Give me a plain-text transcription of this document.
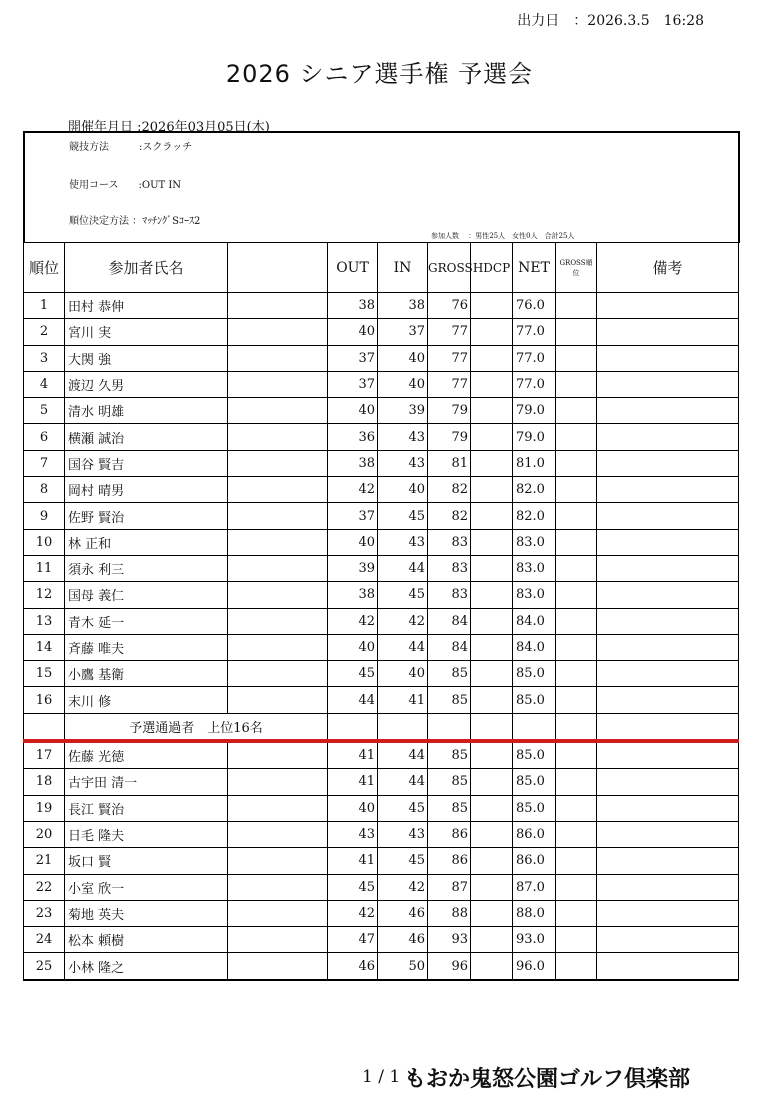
出力日　：2026.3.5　16:28
2026 シニア選手権 予選会
開催年月日 :2026年03月05日(木)
競技方法　　　:スクラッチ
使用コース　　:OUT IN
順位決定方法 ：ﾏｯﾁﾝｸﾞSｺｰｽ2
参加人数　 ：男性25人　女性0人　合計25人
順位	参加者氏名		OUT	IN	GROSS	HDCP	NET	GROSS順位	備考
1	田村 恭伸		38	38	76		76.0		
2	宮川 実		40	37	77		77.0		
3	大関 強		37	40	77		77.0		
4	渡辺 久男		37	40	77		77.0		
5	清水 明雄		40	39	79		79.0		
6	横瀬 誠治		36	43	79		79.0		
7	国谷 賢吉		38	43	81		81.0		
8	岡村 晴男		42	40	82		82.0		
9	佐野 賢治		37	45	82		82.0		
10	林 正和		40	43	83		83.0		
11	須永 利三		39	44	83		83.0		
12	国母 義仁		38	45	83		83.0		
13	青木 延一		42	42	84		84.0		
14	斉藤 唯夫		40	44	84		84.0		
15	小鷹 基衛		45	40	85		85.0		
16	末川 修		44	41	85		85.0		
	予選通過者　上位16名								
17	佐藤 光徳		41	44	85		85.0		
18	古宇田 清一		41	44	85		85.0		
19	長江 賢治		40	45	85		85.0		
20	日毛 隆夫		43	43	86		86.0		
21	坂口 賢		41	45	86		86.0		
22	小室 欣一		45	42	87		87.0		
23	菊地 英夫		42	46	88		88.0		
24	松本 頼樹		47	46	93		93.0		
25	小林 隆之		46	50	96		96.0		
1 / 1 もおか鬼怒公園ゴルフ倶楽部
